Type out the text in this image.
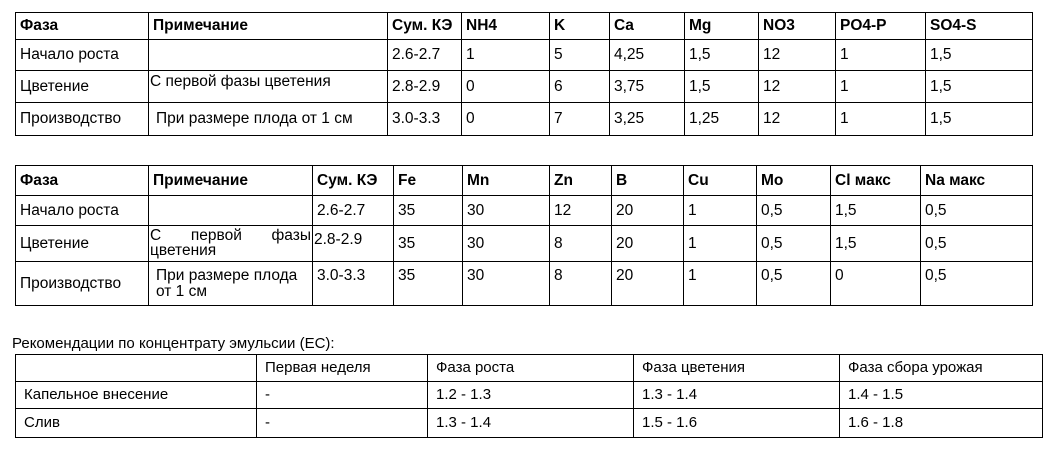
Фаза	Примечание	Сум. КЭ	NH4	K	Ca	Mg	NO3	PO4-P	SO4-S
Начало роста		2.6-2.7	1	5	4,25	1,5	12	1	1,5
Цветение	С первой фазы цветения	2.8-2.9	0	6	3,75	1,5	12	1	1,5
Производство	При размере плода от 1 см	3.0-3.3	0	7	3,25	1,25	12	1	1,5
Фаза	Примечание	Сум. КЭ	Fe	Mn	Zn	B	Cu	Mo	Cl макс	Na макс
Начало роста		2.6-2.7	35	30	12	20	1	0,5	1,5	0,5
Цветение	С первой фазы цветения	2.8-2.9	35	30	8	20	1	0,5	1,5	0,5
Производство	При размере плода от 1 см	3.0-3.3	35	30	8	20	1	0,5	0	0,5
Рекомендации по концентрату эмульсии (EC):
	Первая неделя	Фаза роста	Фаза цветения	Фаза сбора урожая
Капельное внесение	-	1.2 - 1.3	1.3 - 1.4	1.4 - 1.5
Слив	-	1.3 - 1.4	1.5 - 1.6	1.6 - 1.8
